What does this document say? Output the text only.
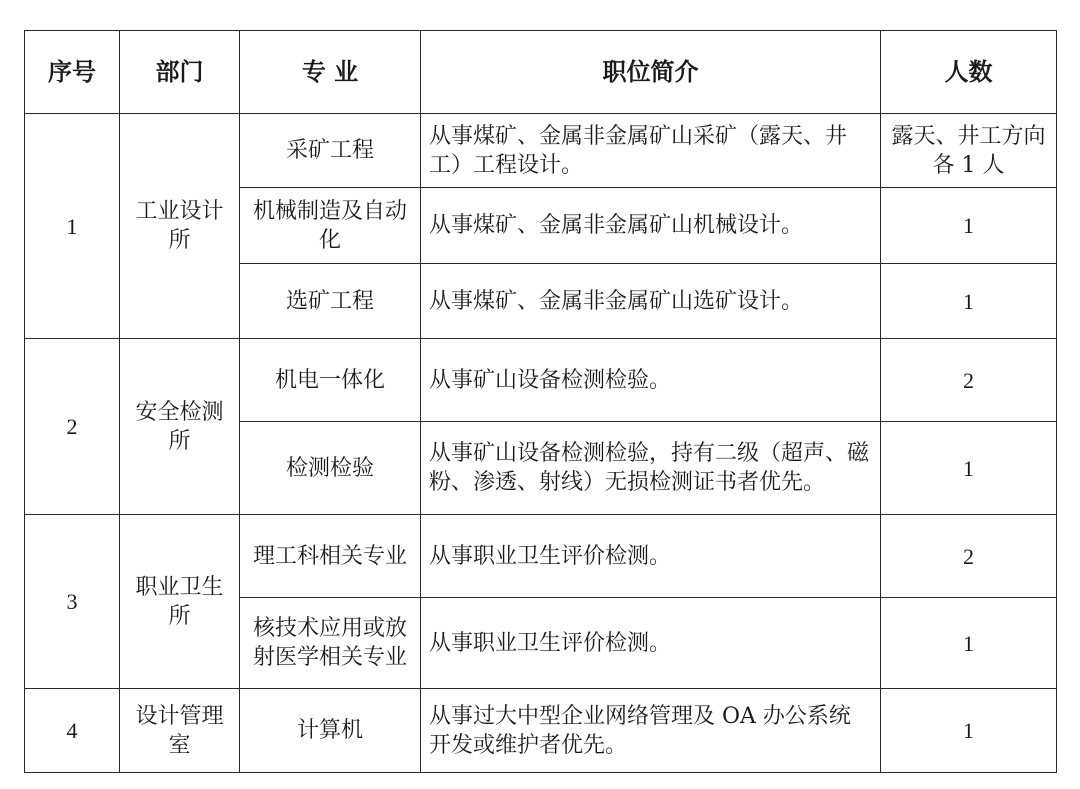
序号	部门	专 业	职位简介	人数
1	工业设计所	采矿工程	从事煤矿、金属非金属矿山采矿（露天、井工）工程设计。	露天、井工方向各 1 人
		机械制造及自动化	从事煤矿、金属非金属矿山机械设计。	1
		选矿工程	从事煤矿、金属非金属矿山选矿设计。	1
2	安全检测所	机电一体化	从事矿山设备检测检验。	2
		检测检验	从事矿山设备检测检验，持有二级（超声、磁粉、渗透、射线）无损检测证书者优先。	1
3	职业卫生所	理工科相关专业	从事职业卫生评价检测。	2
		核技术应用或放射医学相关专业	从事职业卫生评价检测。	1
4	设计管理室	计算机	从事过大中型企业网络管理及 OA 办公系统开发或维护者优先。	1
